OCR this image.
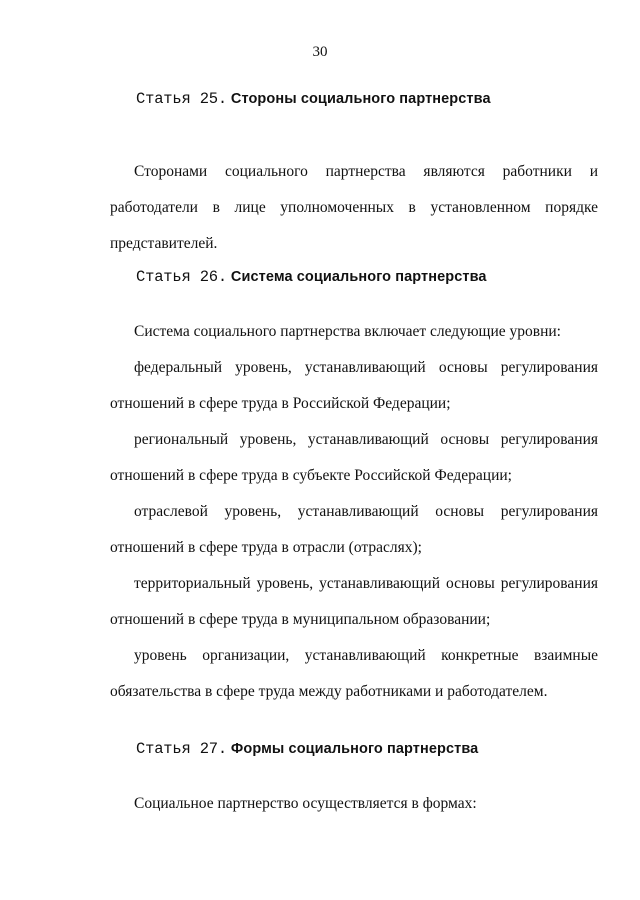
30
Статья 25. Стороны социального партнерства
Сторонами социального партнерства являются работники и работодатели в лице уполномоченных в установленном порядке представителей.
Статья 26. Система социального партнерства
Система социального партнерства включает следующие уровни:
федеральный уровень, устанавливающий основы регулирования отношений в сфере труда в Российской Федерации;
региональный уровень, устанавливающий основы регулирования отношений в сфере труда в субъекте Российской Федерации;
отраслевой уровень, устанавливающий основы регулирования отношений в сфере труда в отрасли (отраслях);
территориальный уровень, устанавливающий основы регулирования отношений в сфере труда в муниципальном образовании;
уровень организации, устанавливающий конкретные взаимные обязательства в сфере труда между работниками и работодателем.
Статья 27. Формы социального партнерства
Социальное партнерство осуществляется в формах:
